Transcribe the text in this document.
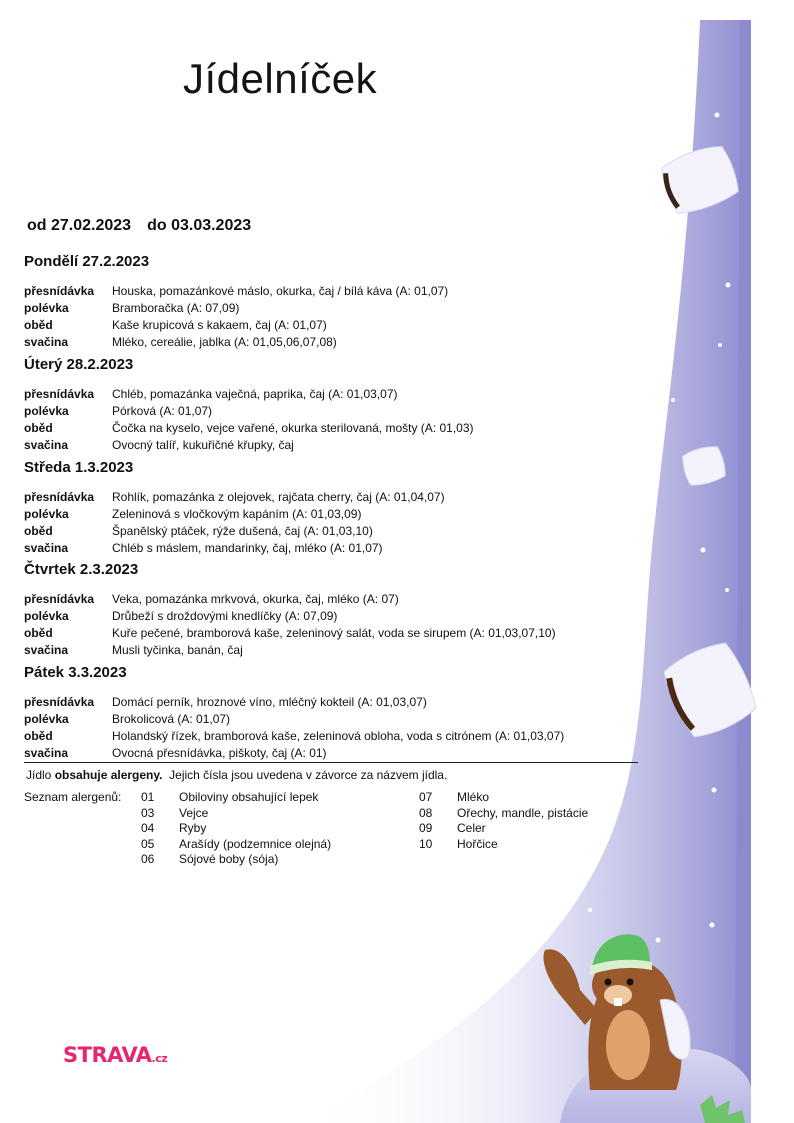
Jídelníček
od 27.02.2023 do 03.03.2023
Pondělí 27.2.2023
přesnídávka	Houska, pomazánkové máslo, okurka, čaj / bílá káva (A: 01,07)
polévka	Bramboračka (A: 07,09)
oběd	Kaše krupicová s kakaem, čaj (A: 01,07)
svačina	Mléko, cereálie, jablka (A: 01,05,06,07,08)
Úterý 28.2.2023
přesnídávka	Chléb, pomazánka vaječná, paprika, čaj (A: 01,03,07)
polévka	Pórková (A: 01,07)
oběd	Čočka na kyselo, vejce vařené, okurka sterilovaná, mošty (A: 01,03)
svačina	Ovocný talíř, kukuřičné křupky, čaj
Středa 1.3.2023
přesnídávka	Rohlík, pomazánka z olejovek, rajčata cherry, čaj (A: 01,04,07)
polévka	Zeleninová s vločkovým kapáním (A: 01,03,09)
oběd	Španělský ptáček, rýže dušená, čaj (A: 01,03,10)
svačina	Chléb s máslem, mandarinky, čaj, mléko (A: 01,07)
Čtvrtek 2.3.2023
přesnídávka	Veka, pomazánka mrkvová, okurka, čaj, mléko (A: 07)
polévka	Drůbeží s droždovými knedlíčky (A: 07,09)
oběd	Kuře pečené, bramborová kaše, zeleninový salát, voda se sirupem (A: 01,03,07,10)
svačina	Musli tyčinka, banán, čaj
Pátek 3.3.2023
přesnídávka	Domácí perník, hroznové víno, mléčný kokteil (A: 01,03,07)
polévka	Brokolicová (A: 01,07)
oběd	Holandský řízek, bramborová kaše, zeleninová obloha, voda s citrónem (A: 01,03,07)
svačina	Ovocná přesnídávka, piškoty, čaj (A: 01)
Jídlo obsahuje alergeny.  Jejich čísla jsou uvedena v závorce za názvem jídla.
Seznam alergenů: 01	Obiloviny obsahující lepek
03	Vejce
04	Ryby
05	Arašídy (podzemnice olejná)
06	Sójové boby (sója)
07	Mléko
08	Ořechy, mandle, pistácie
09	Celer
10	Hořčice
STRAVA.cz
